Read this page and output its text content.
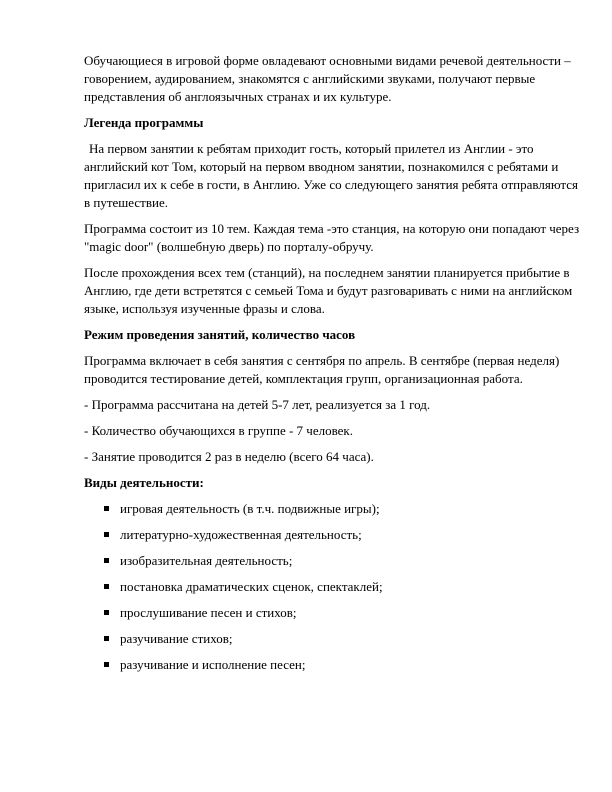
Обучающиеся в игровой форме овладевают основными видами речевой деятельности – говорением, аудированием, знакомятся с английскими звуками, получают первые представления об англоязычных странах и их культуре.

Легенда программы

На первом занятии к ребятам приходит гость, который прилетел из Англии - это английский кот Том, который на первом вводном занятии, познакомился с ребятами и пригласил их к себе в гости, в Англию. Уже со следующего занятия ребята отправляются в путешествие.

Программа состоит из 10 тем. Каждая тема -это станция, на которую они попадают через "magic door" (волшебную дверь) по порталу-обручу.

После прохождения всех тем (станций), на последнем занятии планируется прибытие в Англию, где дети встретятся с семьей Тома и будут разговаривать с ними на английском языке, используя изученные фразы и слова.

Режим проведения занятий, количество часов

Программа включает в себя занятия с сентября по апрель. В сентябре (первая неделя) проводится тестирование детей, комплектация групп, организационная работа.

- Программа рассчитана на детей 5-7 лет, реализуется за 1 год.

- Количество обучающихся в группе - 7 человек.

- Занятие проводится 2 раз в неделю (всего 64 часа).

Виды деятельности:

игровая деятельность (в т.ч. подвижные игры);
литературно-художественная деятельность;
изобразительная деятельность;
постановка драматических сценок, спектаклей;
прослушивание песен и стихов;
разучивание стихов;
разучивание и исполнение песен;
